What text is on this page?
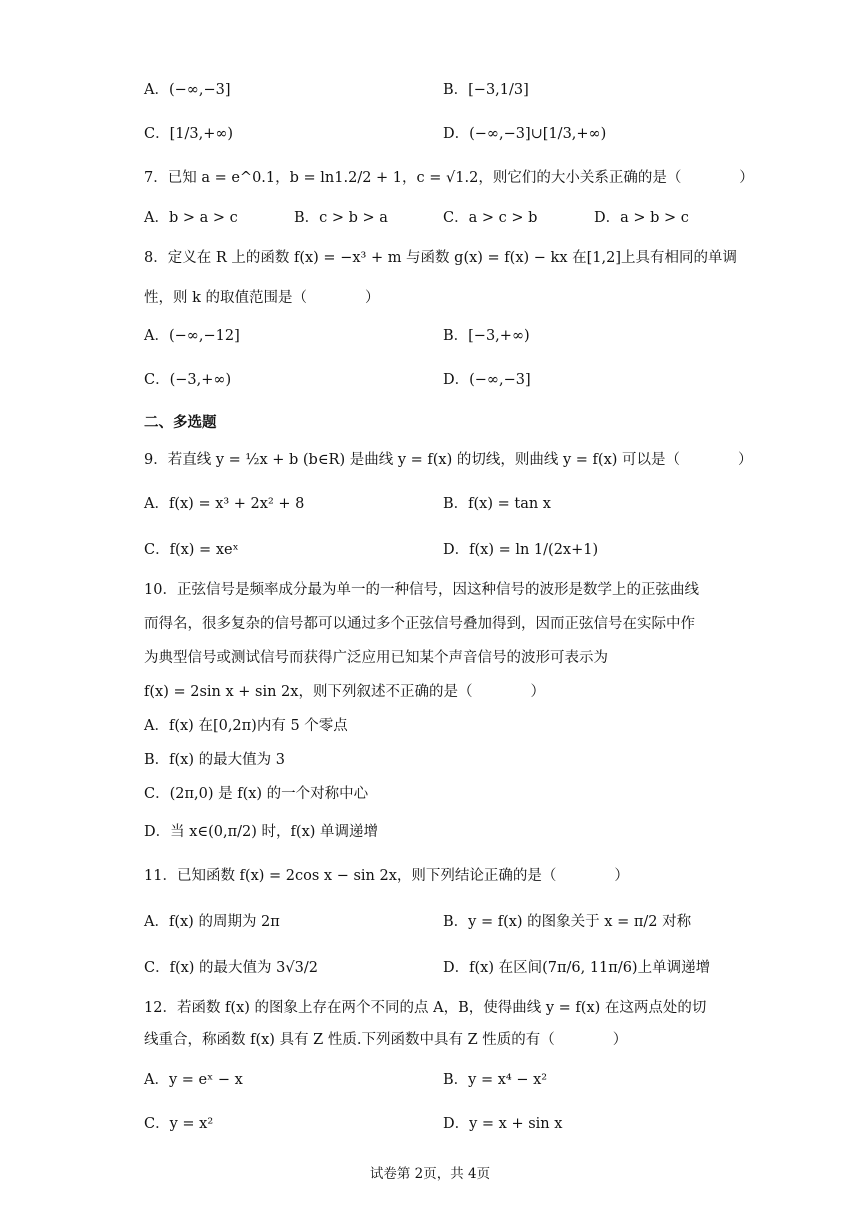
A．(−∞,−3]	B．[−3,1/3]
C．[1/3,+∞)	D．(−∞,−3]∪[1/3,+∞)
7．已知 a = e^0.1，b = ln1.2/2 + 1，c = √1.2，则它们的大小关系正确的是（　　　　）
A．b > a > c	B．c > b > a	C．a > c > b	D．a > b > c
8．定义在 R 上的函数 f(x) = −x³ + m 与函数 g(x) = f(x) − kx 在[1,2]上具有相同的单调
性，则 k 的取值范围是（　　　　）
A．(−∞,−12]	B．[−3,+∞)
C．(−3,+∞)	D．(−∞,−3]
二、多选题
9．若直线 y = ½x + b (b∈R) 是曲线 y = f(x) 的切线，则曲线 y = f(x) 可以是（　　　　）
A．f(x) = x³ + 2x² + 8	B．f(x) = tan x
C．f(x) = xeˣ	D．f(x) = ln 1/(2x+1)
10．正弦信号是频率成分最为单一的一种信号，因这种信号的波形是数学上的正弦曲线
而得名，很多复杂的信号都可以通过多个正弦信号叠加得到，因而正弦信号在实际中作
为典型信号或测试信号而获得广泛应用已知某个声音信号的波形可表示为
f(x) = 2sin x + sin 2x，则下列叙述不正确的是（　　　　）
A．f(x) 在[0,2π)内有 5 个零点
B．f(x) 的最大值为 3
C．(2π,0) 是 f(x) 的一个对称中心
D．当 x∈(0,π/2) 时，f(x) 单调递增
11．已知函数 f(x) = 2cos x − sin 2x，则下列结论正确的是（　　　　）
A．f(x) 的周期为 2π	B．y = f(x) 的图象关于 x = π/2 对称
C．f(x) 的最大值为 3√3/2	D．f(x) 在区间(7π/6, 11π/6)上单调递增
12．若函数 f(x) 的图象上存在两个不同的点 A，B，使得曲线 y = f(x) 在这两点处的切
线重合，称函数 f(x) 具有 Z 性质.下列函数中具有 Z 性质的有（　　　　）
A．y = eˣ − x	B．y = x⁴ − x²
C．y = x²	D．y = x + sin x
试卷第 2页，共 4页
